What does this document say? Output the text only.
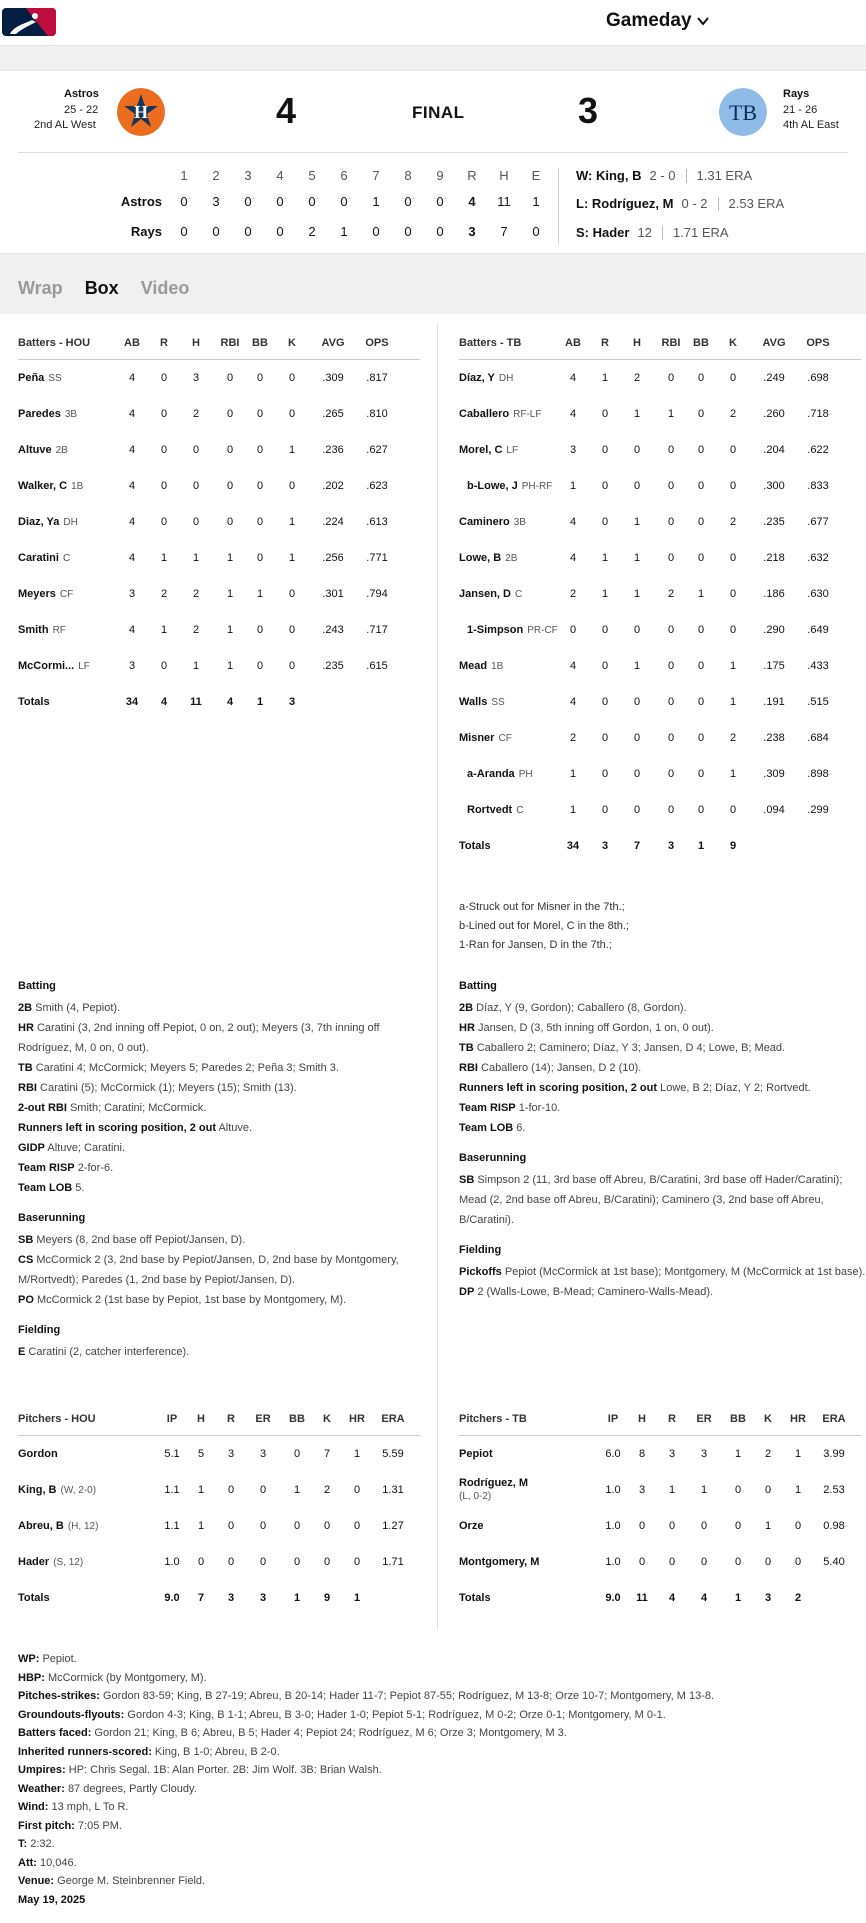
Gameday
Astros
25 - 22
2nd AL West
H	4	FINAL	3	TB
Rays
21 - 26
4th AL East
1	2	3	4	5	6	7	8	9	R	H	E
Astros	0	3	0	0	0	0	1	0	0	4	11	1
Rays	0	0	0	0	2	1	0	0	0	3	7	0
W: King, B 2 - 0 1.31 ERA
L: Rodríguez, M 0 - 2 2.53 ERA
S: Hader 12 1.71 ERA
Wrap Box Video
Batters - HOU	AB	R	H	RBI	BB	K	AVG	OPS
Peña SS	4	0	3	0	0	0	.309	.817
Paredes 3B	4	0	2	0	0	0	.265	.810
Altuve 2B	4	0	0	0	0	1	.236	.627
Walker, C 1B	4	0	0	0	0	0	.202	.623
Diaz, Ya DH	4	0	0	0	0	1	.224	.613
Caratini C	4	1	1	1	0	1	.256	.771
Meyers CF	3	2	2	1	1	0	.301	.794
Smith RF	4	1	2	1	0	0	.243	.717
McCormi... LF	3	0	1	1	0	0	.235	.615
Totals	34	4	11	4	1	3
Batters - TB	AB	R	H	RBI	BB	K	AVG	OPS
Díaz, Y DH	4	1	2	0	0	0	.249	.698
Caballero RF-LF	4	0	1	1	0	2	.260	.718
Morel, C LF	3	0	0	0	0	0	.204	.622
b-Lowe, J PH-RF	1	0	0	0	0	0	.300	.833
Caminero 3B	4	0	1	0	0	2	.235	.677
Lowe, B 2B	4	1	1	0	0	0	.218	.632
Jansen, D C	2	1	1	2	1	0	.186	.630
1-Simpson PR-CF	0	0	0	0	0	0	.290	.649
Mead 1B	4	0	1	0	0	1	.175	.433
Walls SS	4	0	0	0	0	1	.191	.515
Misner CF	2	0	0	0	0	2	.238	.684
a-Aranda PH	1	0	0	0	0	1	.309	.898
Rortvedt C	1	0	0	0	0	0	.094	.299
Totals	34	3	7	3	1	9
a-Struck out for Misner in the 7th.;
b-Lined out for Morel, C in the 8th.;
1-Ran for Jansen, D in the 7th.;
Batting
2B Smith (4, Pepiot).
HR Caratini (3, 2nd inning off Pepiot, 0 on, 2 out); Meyers (3, 7th inning off Rodríguez, M, 0 on, 0 out).
TB Caratini 4; McCormick; Meyers 5; Paredes 2; Peña 3; Smith 3.
RBI Caratini (5); McCormick (1); Meyers (15); Smith (13).
2-out RBI Smith; Caratini; McCormick.
Runners left in scoring position, 2 out Altuve.
GIDP Altuve; Caratini.
Team RISP 2-for-6.
Team LOB 5.
Baserunning
SB Meyers (8, 2nd base off Pepiot/Jansen, D).
CS McCormick 2 (3, 2nd base by Pepiot/Jansen, D, 2nd base by Montgomery, M/Rortvedt); Paredes (1, 2nd base by Pepiot/Jansen, D).
PO McCormick 2 (1st base by Pepiot, 1st base by Montgomery, M).
Fielding
E Caratini (2, catcher interference).
Batting
2B Díaz, Y (9, Gordon); Caballero (8, Gordon).
HR Jansen, D (3, 5th inning off Gordon, 1 on, 0 out).
TB Caballero 2; Caminero; Díaz, Y 3; Jansen, D 4; Lowe, B; Mead.
RBI Caballero (14); Jansen, D 2 (10).
Runners left in scoring position, 2 out Lowe, B 2; Díaz, Y 2; Rortvedt.
Team RISP 1-for-10.
Team LOB 6.
Baserunning
SB Simpson 2 (11, 3rd base off Abreu, B/Caratini, 3rd base off Hader/Caratini); Mead (2, 2nd base off Abreu, B/Caratini); Caminero (3, 2nd base off Abreu, B/Caratini).
Fielding
Pickoffs Pepiot (McCormick at 1st base); Montgomery, M (McCormick at 1st base).
DP 2 (Walls-Lowe, B-Mead; Caminero-Walls-Mead).
Pitchers - HOU	IP	H	R	ER	BB	K	HR	ERA
Gordon	5.1	5	3	3	0	7	1	5.59
King, B (W, 2-0)	1.1	1	0	0	1	2	0	1.31
Abreu, B (H, 12)	1.1	1	0	0	0	0	0	1.27
Hader (S, 12)	1.0	0	0	0	0	0	0	1.71
Totals	9.0	7	3	3	1	9	1
Pitchers - TB	IP	H	R	ER	BB	K	HR	ERA
Pepiot	6.0	8	3	3	1	2	1	3.99
Rodríguez, M
(L, 0-2)
1.0	3	1	1	0	0	1	2.53
Orze	1.0	0	0	0	0	1	0	0.98
Montgomery, M	1.0	0	0	0	0	0	0	5.40
Totals	9.0	11	4	4	1	3	2
WP: Pepiot.
HBP: McCormick (by Montgomery, M).
Pitches-strikes: Gordon 83-59; King, B 27-19; Abreu, B 20-14; Hader 11-7; Pepiot 87-55; Rodríguez, M 13-8; Orze 10-7; Montgomery, M 13-8.
Groundouts-flyouts: Gordon 4-3; King, B 1-1; Abreu, B 3-0; Hader 1-0; Pepiot 5-1; Rodríguez, M 0-2; Orze 0-1; Montgomery, M 0-1.
Batters faced: Gordon 21; King, B 6; Abreu, B 5; Hader 4; Pepiot 24; Rodríguez, M 6; Orze 3; Montgomery, M 3.
Inherited runners-scored: King, B 1-0; Abreu, B 2-0.
Umpires: HP: Chris Segal. 1B: Alan Porter. 2B: Jim Wolf. 3B: Brian Walsh.
Weather: 87 degrees, Partly Cloudy.
Wind: 13 mph, L To R.
First pitch: 7:05 PM.
T: 2:32.
Att: 10,046.
Venue: George M. Steinbrenner Field.
May 19, 2025
